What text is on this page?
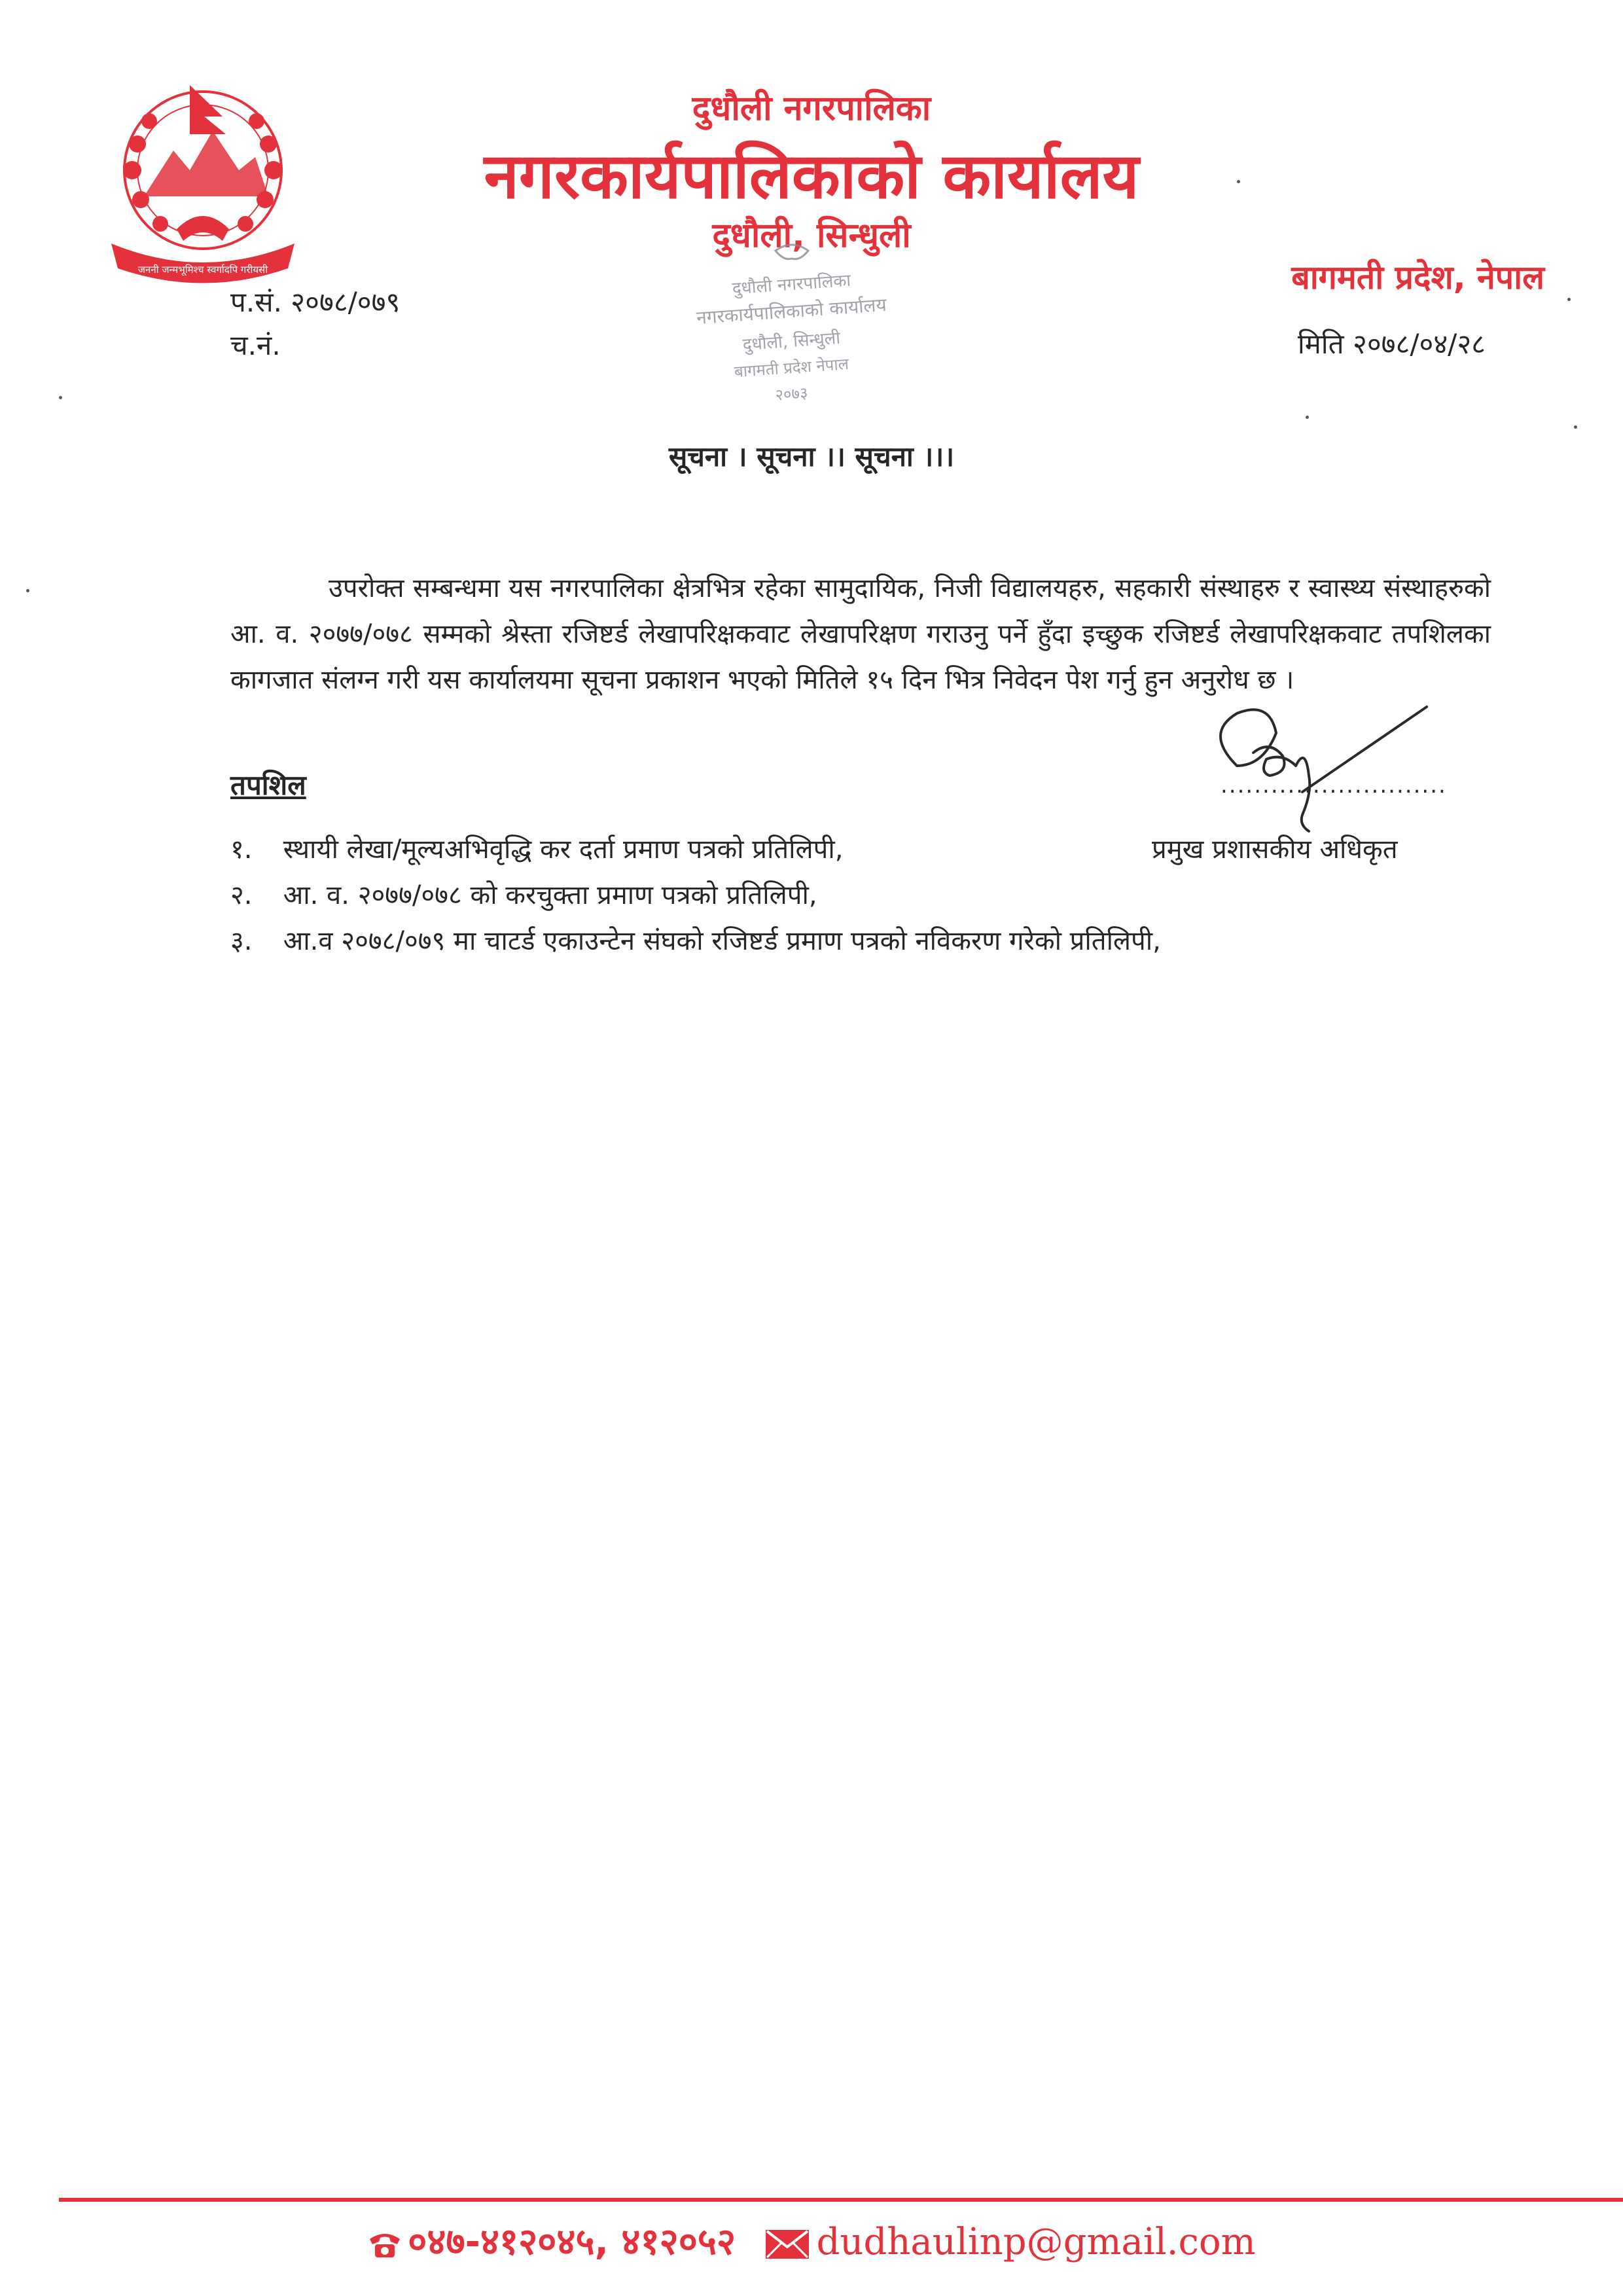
जननी जन्मभूमिश्च स्वर्गादपि गरीयसी
दुधौली नगरपालिका
नगरकार्यपालिकाको कार्यालय
दुधौली, सिन्धुली
बागमती प्रदेश, नेपाल
प.सं. २०७८/०७९
च.नं.	मिति २०७८/०४/२८
दुधौली नगरपालिका
नगरकार्यपालिकाको कार्यालय
दुधौली, सिन्धुली
बागमती प्रदेश नेपाल
२०७३
सूचना । सूचना ।। सूचना ।।।
उपरोक्त सम्बन्धमा यस नगरपालिका क्षेत्रभित्र रहेका सामुदायिक, निजी विद्यालयहरु, सहकारी संस्थाहरु र स्वास्थ्य संस्थाहरुको आ. व. २०७७/०७८ सम्मको श्रेस्ता रजिष्टर्ड लेखापरिक्षकवाट लेखापरिक्षण गराउनु पर्ने हुँदा इच्छुक रजिष्टर्ड लेखापरिक्षकवाट तपशिलका कागजात संलग्न गरी यस कार्यालयमा सूचना प्रकाशन भएको मितिले १५ दिन भित्र निवेदन पेश गर्नु हुन अनुरोध छ ।
तपशिल
१. स्थायी लेखा/मूल्यअभिवृद्धि कर दर्ता प्रमाण पत्रको प्रतिलिपी,
२. आ. व. २०७७/०७८ को करचुक्ता प्रमाण पत्रको प्रतिलिपी,
३. आ.व २०७८/०७९ मा चाटर्ड एकाउन्टेन संघको रजिष्टर्ड प्रमाण पत्रको नविकरण गरेको प्रतिलिपी,
...........................
प्रमुख प्रशासकीय अधिकृत
०४७-४१२०४५, ४१२०५२ dudhaulinp@gmail.com
